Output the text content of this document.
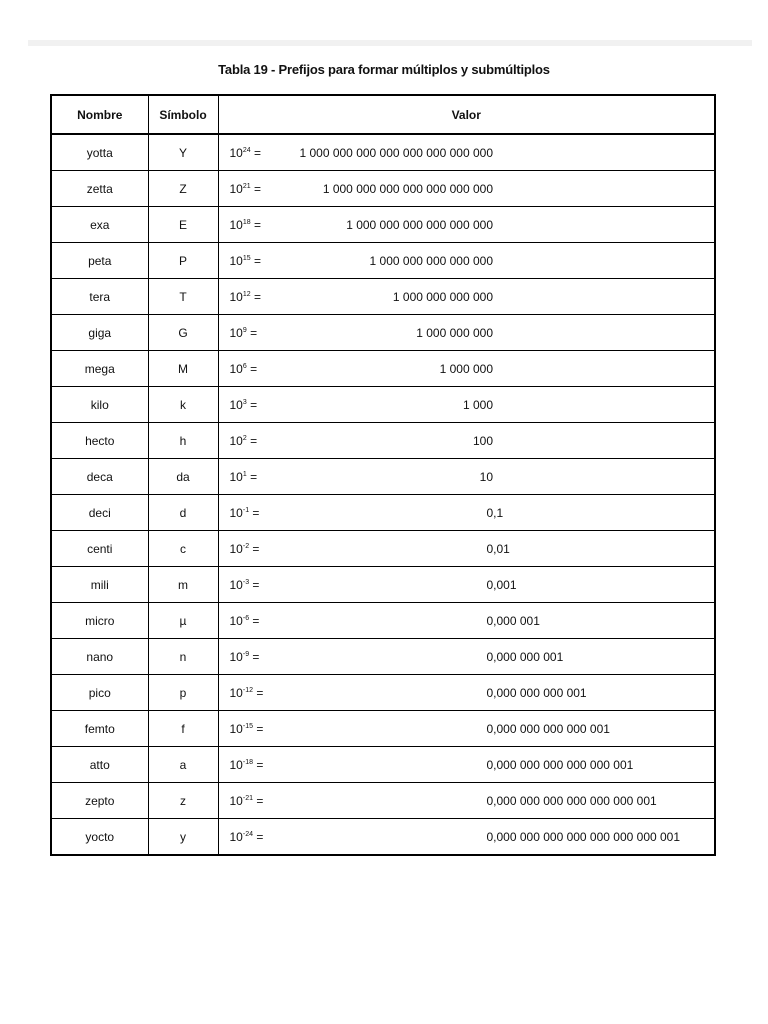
Tabla 19 - Prefijos para formar múltiplos y submúltiplos
Nombre	Símbolo	Valor
yotta	Y	$10^{24} = 1$ 000 000 000 000 000 000 000 000

zetta	Z	$10^{21} = 1$ 000 000 000 000 000 000 000

exa	E	$10^{18} = 1$ 000 000 000 000 000 000

peta	P	$10^{15} = 1$ 000 000 000 000 000

tera	T	$10^{12} = 1$ 000 000 000 000

giga	G	$10^9 = 1$ 000 000 000

mega	M	$10^6 = 1$ 000 000

kilo	k	$10^3 = 1$ 000

hecto	h	$10^2 = 100$

deca	da	$10^1 = 10$

deci	d	$10^{-1} = 0,1$

centi	c	$10^{-2} = 0,01$

mili	m	$10^{-3} = 0,001$

micro	µ	$10^{-6} = 0,000$ 001

nano	n	$10^{-9} = 0,000$ 000 001

pico	p	$10^{-12} = 0,000$ 000 000 001

femto	f	$10^{-15} = 0,000$ 000 000 000 001

atto	a	$10^{-18} = 0,000$ 000 000 000 000 001

zepto	z	$10^{-21} = 0,000$ 000 000 000 000 000 001

yocto	y	$10^{-24} = 0,000$ 000 000 000 000 000 000 001
